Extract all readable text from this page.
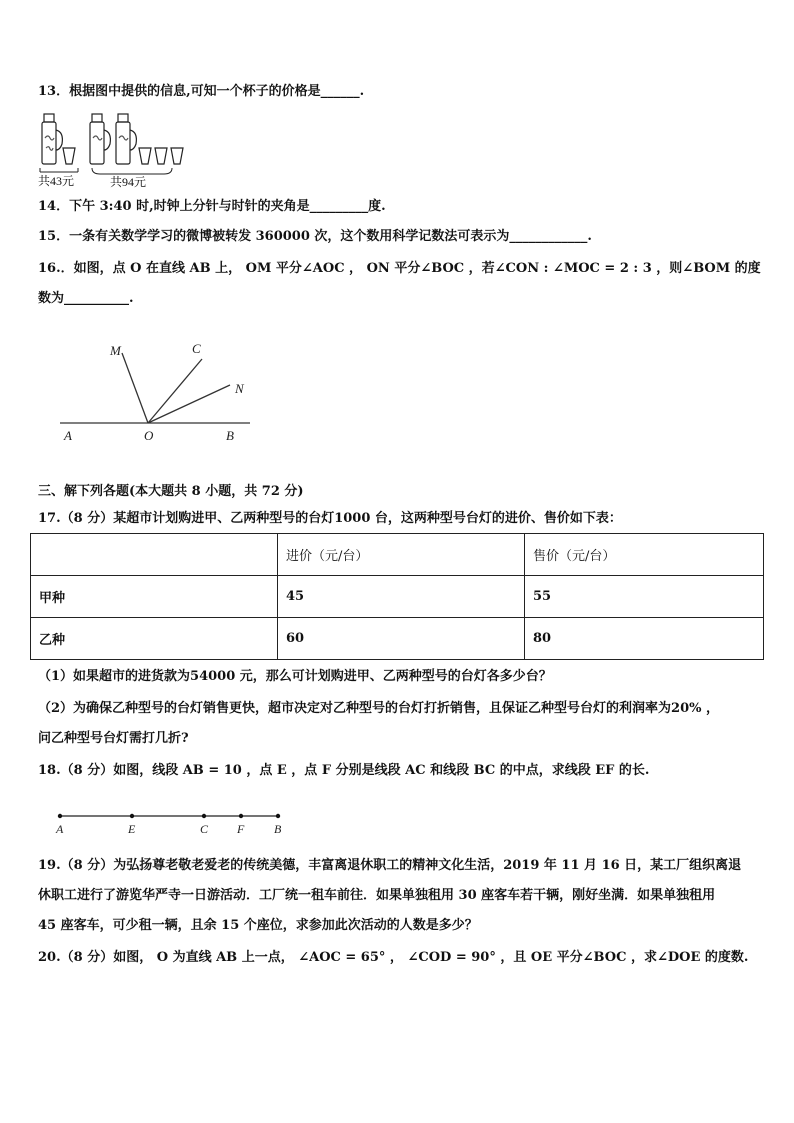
13．根据图中提供的信息,可知一个杯子的价格是______.
共43元	共94元
14．下午 3:40 时,时钟上分针与时针的夹角是_________度.
15．一条有关数学学习的微博被转发 360000 次，这个数用科学记数法可表示为____________.
16.．如图，点 O 在直线 AB 上， OM 平分∠AOC ， ON 平分∠BOC ，若∠CON : ∠MOC = 2 : 3 ，则∠BOM 的度
数为__________.
M	C
N
A	O	B
三、解下列各题(本大题共 8 小题，共 72 分)
17.（8 分）某超市计划购进甲、乙两种型号的台灯1000 台，这两种型号台灯的进价、售价如下表：
	进价（元/台）	售价（元/台）
甲种	45	55
乙种	60	80
（1）如果超市的进货款为54000 元，那么可计划购进甲、乙两种型号的台灯各多少台？
（2）为确保乙种型号的台灯销售更快，超市决定对乙种型号的台灯打折销售，且保证乙种型号台灯的利润率为20% ，
问乙种型号台灯需打几折?
18.（8 分）如图，线段 AB = 10 ，点 E ，点 F 分别是线段 AC 和线段 BC 的中点，求线段 EF 的长.
A	E	C F B
19.（8 分）为弘扬尊老敬老爱老的传统美德，丰富离退休职工的精神文化生活，2019 年 11 月 16 日，某工厂组织离退
休职工进行了游览华严寺一日游活动．工厂统一租车前往．如果单独租用 30 座客车若干辆，刚好坐满．如果单独租用
45 座客车，可少租一辆，且余 15 个座位，求参加此次活动的人数是多少？
20.（8 分）如图， O 为直线 AB 上一点， ∠AOC = 65° ， ∠COD = 90° ，且 OE 平分∠BOC ，求∠DOE 的度数.
